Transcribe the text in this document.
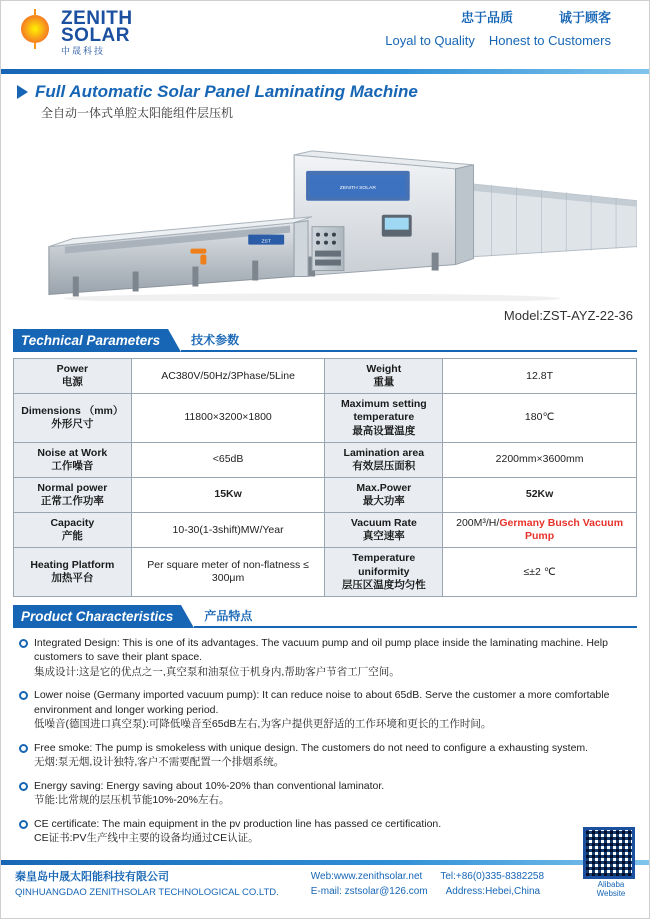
ZENITH
SOLAR
中晟科技
忠于品质	诚于顾客
Loyal to Quality Honest to Customers
Full Automatic Solar Panel Laminating Machine
全自动一体式单腔太阳能组件层压机
ZENITH SOLAR
ZST
Model:ZST-AYZ-22-36
Technical Parameters	技术参数
Power
电源
	AC380V/50Hz/3Phase/5Line	
Weight
重量
	12.8T

Dimensions （mm）
外形尺寸
	11800×3200×1800	
Maximum setting temperature
最高设置温度
	180℃

Noise at Work
工作噪音
	<65dB	
Lamination area
有效层压面积
	2200mm×3600mm

Normal power
正常工作功率
	15Kw	
Max.Power
最大功率
	52Kw

Capacity
产能
	10-30(1-3shift)MW/Year	
Vacuum Rate
真空速率
	200M³/H/Germany Busch Vacuum Pump

Heating Platform
加热平台
	Per square meter of non-flatness ≤ 300μm	
Temperature uniformity
层压区温度均匀性
	≤±2 ℃
Product Characteristics	产品特点
Integrated Design: This is one of its advantages. The vacuum pump and oil pump place inside the laminating machine. Help customers to save their plant space.
集成设计:这是它的优点之一,真空泵和油泵位于机身内,帮助客户节省工厂空间。
Lower noise (Germany imported vacuum pump): It can reduce noise to about 65dB. Serve the customer a more comfortable environment and longer working period.
低噪音(德国进口真空泵):可降低噪音至65dB左右,为客户提供更舒适的工作环境和更长的工作时间。
Free smoke: The pump is smokeless with unique design. The customers do not need to configure a exhausting system.
无烟:泵无烟,设计独特,客户不需要配置一个排烟系统。
Energy saving: Energy saving about 10%-20% than conventional laminator.
节能:比常规的层压机节能10%-20%左右。
CE certificate: The main equipment in the pv production line has passed ce certification.
CE证书:PV生产线中主要的设备均通过CE认证。
秦皇岛中晟太阳能科技有限公司
QINHUANGDAO ZENITHSOLAR TECHNOLOGICAL CO.LTD.
Web:www.zenithsolar.net Tel:+86(0)335-8382258
E-mail: zstsolar@126.com Address:Hebei,China
Alibaba Website
